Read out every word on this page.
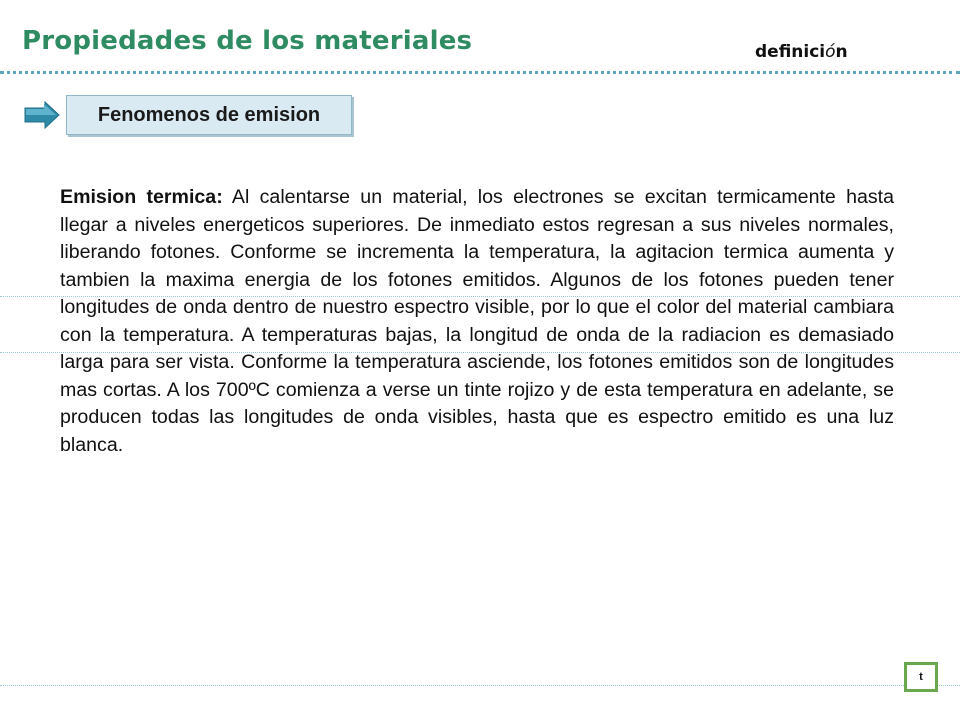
Propiedades de los materiales	definición
Fenomenos de emision

Emision termica: Al calentarse un material, los electrones se excitan termicamente hasta llegar a niveles energeticos superiores. De inmediato estos regresan a sus niveles normales, liberando fotones. Conforme se incrementa la temperatura, la agitacion termica aumenta y tambien la maxima energia de los fotones emitidos. Algunos de los fotones pueden tener longitudes de onda dentro de nuestro espectro visible, por lo que el color del material cambiara con la temperatura. A temperaturas bajas, la longitud de onda de la radiacion es demasiado larga para ser vista. Conforme la temperatura asciende, los fotones emitidos son de longitudes mas cortas. A los 700ºC comienza a verse un tinte rojizo y de esta temperatura en adelante, se producen todas las longitudes de onda visibles, hasta que es espectro emitido es una luz blanca.

t
